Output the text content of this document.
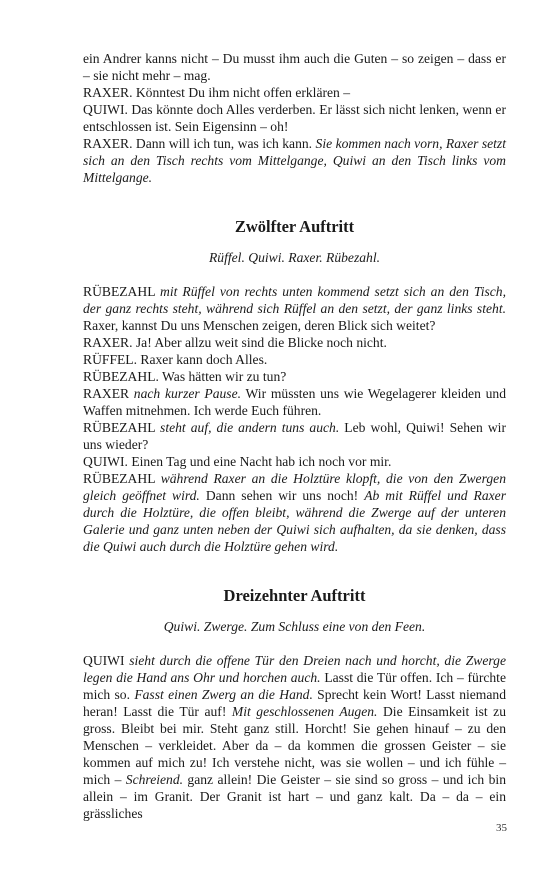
ein Andrer kanns nicht – Du musst ihm auch die Guten – so zeigen – dass er – sie nicht mehr – mag.

RAXER. Könntest Du ihm nicht offen erklären –

QUIWI. Das könnte doch Alles verderben. Er lässt sich nicht lenken, wenn er entschlossen ist. Sein Eigensinn – oh!

RAXER. Dann will ich tun, was ich kann. Sie kommen nach vorn, Raxer setzt sich an den Tisch rechts vom Mittelgange, Quiwi an den Tisch links vom Mittelgange.

Zwölfter Auftritt
Rüffel. Quiwi. Raxer. Rübezahl.

RÜBEZAHL mit Rüffel von rechts unten kommend setzt sich an den Tisch, der ganz rechts steht, während sich Rüffel an den setzt, der ganz links steht. Raxer, kannst Du uns Menschen zeigen, deren Blick sich weitet?

RAXER. Ja! Aber allzu weit sind die Blicke noch nicht.

RÜFFEL. Raxer kann doch Alles.

RÜBEZAHL. Was hätten wir zu tun?

RAXER nach kurzer Pause. Wir müssten uns wie Wegelagerer kleiden und Waffen mitnehmen. Ich werde Euch führen.

RÜBEZAHL steht auf, die andern tuns auch. Leb wohl, Quiwi! Sehen wir uns wieder?

QUIWI. Einen Tag und eine Nacht hab ich noch vor mir.

RÜBEZAHL während Raxer an die Holztüre klopft, die von den Zwergen gleich geöffnet wird. Dann sehen wir uns noch! Ab mit Rüffel und Raxer durch die Holztüre, die offen bleibt, während die Zwerge auf der unteren Galerie und ganz unten neben der Quiwi sich aufhalten, da sie denken, dass die Quiwi auch durch die Holztüre gehen wird.

Dreizehnter Auftritt
Quiwi. Zwerge. Zum Schluss eine von den Feen.

QUIWI sieht durch die offene Tür den Dreien nach und horcht, die Zwerge legen die Hand ans Ohr und horchen auch. Lasst die Tür offen. Ich – fürchte mich so. Fasst einen Zwerg an die Hand. Sprecht kein Wort! Lasst niemand heran! Lasst die Tür auf! Mit geschlossenen Augen. Die Einsamkeit ist zu gross. Bleibt bei mir. Steht ganz still. Horcht! Sie gehen hinauf – zu den Menschen – verkleidet. Aber da – da kommen die grossen Geister – sie kommen auf mich zu! Ich verstehe nicht, was sie wollen – und ich fühle – mich – Schreiend. ganz allein! Die Geister – sie sind so gross – und ich bin allein – im Granit. Der Granit ist hart – und ganz kalt. Da – da – ein grässliches

35
